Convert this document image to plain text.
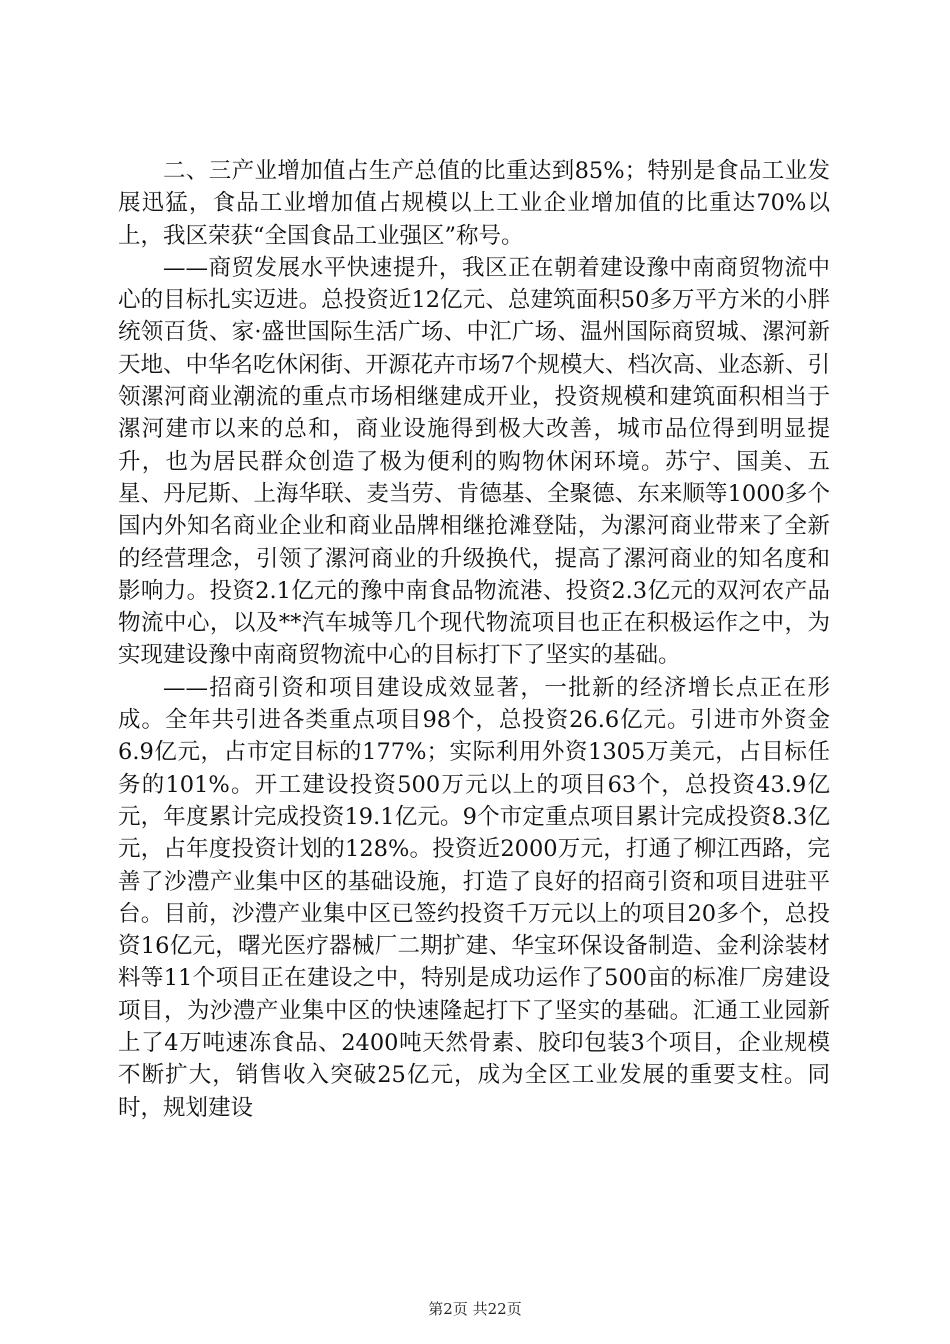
二、三产业增加值占生产总值的比重达到85%；特别是食品工业发展迅猛，食品工业增加值占规模以上工业企业增加值的比重达70%以上，我区荣获“全国食品工业强区”称号。

——商贸发展水平快速提升，我区正在朝着建设豫中南商贸物流中心的目标扎实迈进。总投资近12亿元、总建筑面积50多万平方米的小胖统领百货、家·盛世国际生活广场、中汇广场、温州国际商贸城、漯河新天地、中华名吃休闲街、开源花卉市场7个规模大、档次高、业态新、引领漯河商业潮流的重点市场相继建成开业，投资规模和建筑面积相当于漯河建市以来的总和，商业设施得到极大改善，城市品位得到明显提升，也为居民群众创造了极为便利的购物休闲环境。苏宁、国美、五星、丹尼斯、上海华联、麦当劳、肯德基、全聚德、东来顺等1000多个国内外知名商业企业和商业品牌相继抢滩登陆，为漯河商业带来了全新的经营理念，引领了漯河商业的升级换代，提高了漯河商业的知名度和影响力。投资2.1亿元的豫中南食品物流港、投资2.3亿元的双河农产品物流中心，以及**汽车城等几个现代物流项目也正在积极运作之中，为实现建设豫中南商贸物流中心的目标打下了坚实的基础。

——招商引资和项目建设成效显著，一批新的经济增长点正在形成。全年共引进各类重点项目98个，总投资26.6亿元。引进市外资金6.9亿元，占市定目标的177%；实际利用外资1305万美元，占目标任务的101%。开工建设投资500万元以上的项目63个，总投资43.9亿元，年度累计完成投资19.1亿元。9个市定重点项目累计完成投资8.3亿元，占年度投资计划的128%。投资近2000万元，打通了柳江西路，完善了沙澧产业集中区的基础设施，打造了良好的招商引资和项目进驻平台。目前，沙澧产业集中区已签约投资千万元以上的项目20多个，总投资16亿元，曙光医疗器械厂二期扩建、华宝环保设备制造、金利涂装材料等11个项目正在建设之中，特别是成功运作了500亩的标准厂房建设项目，为沙澧产业集中区的快速隆起打下了坚实的基础。汇通工业园新上了4万吨速冻食品、2400吨天然骨素、胶印包装3个项目，企业规模不断扩大，销售收入突破25亿元，成为全区工业发展的重要支柱。同时，规划建设

第2页 共22页
